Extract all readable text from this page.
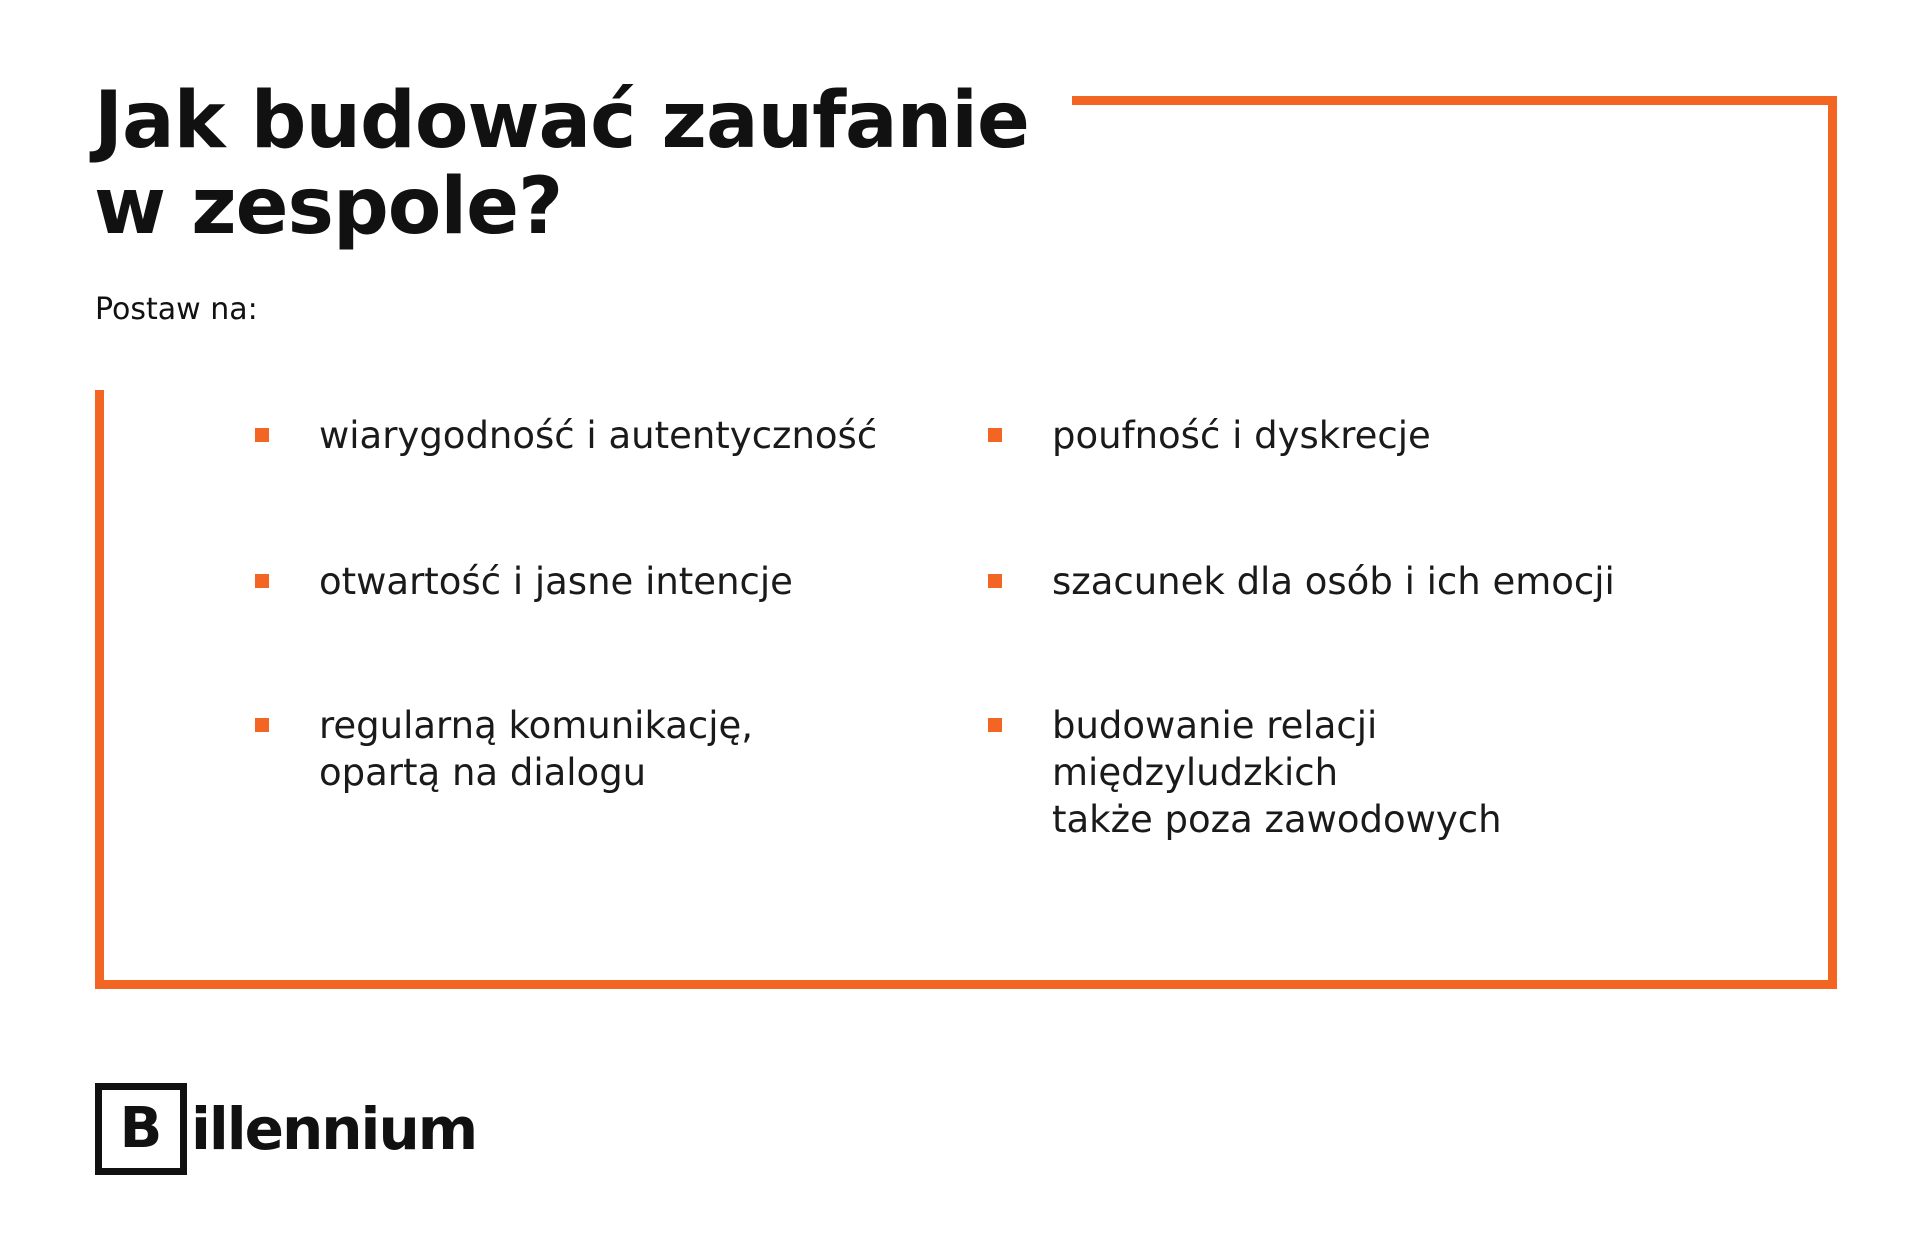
Jak budować zaufanie
w zespole?
Postaw na:
wiarygodność i autentyczność
otwartość i jasne intencje
regularną komunikację,
opartą na dialogu
poufność i dyskrecje
szacunek dla osób i ich emocji
budowanie relacji międzyludzkich
także poza zawodowych
B illennium
